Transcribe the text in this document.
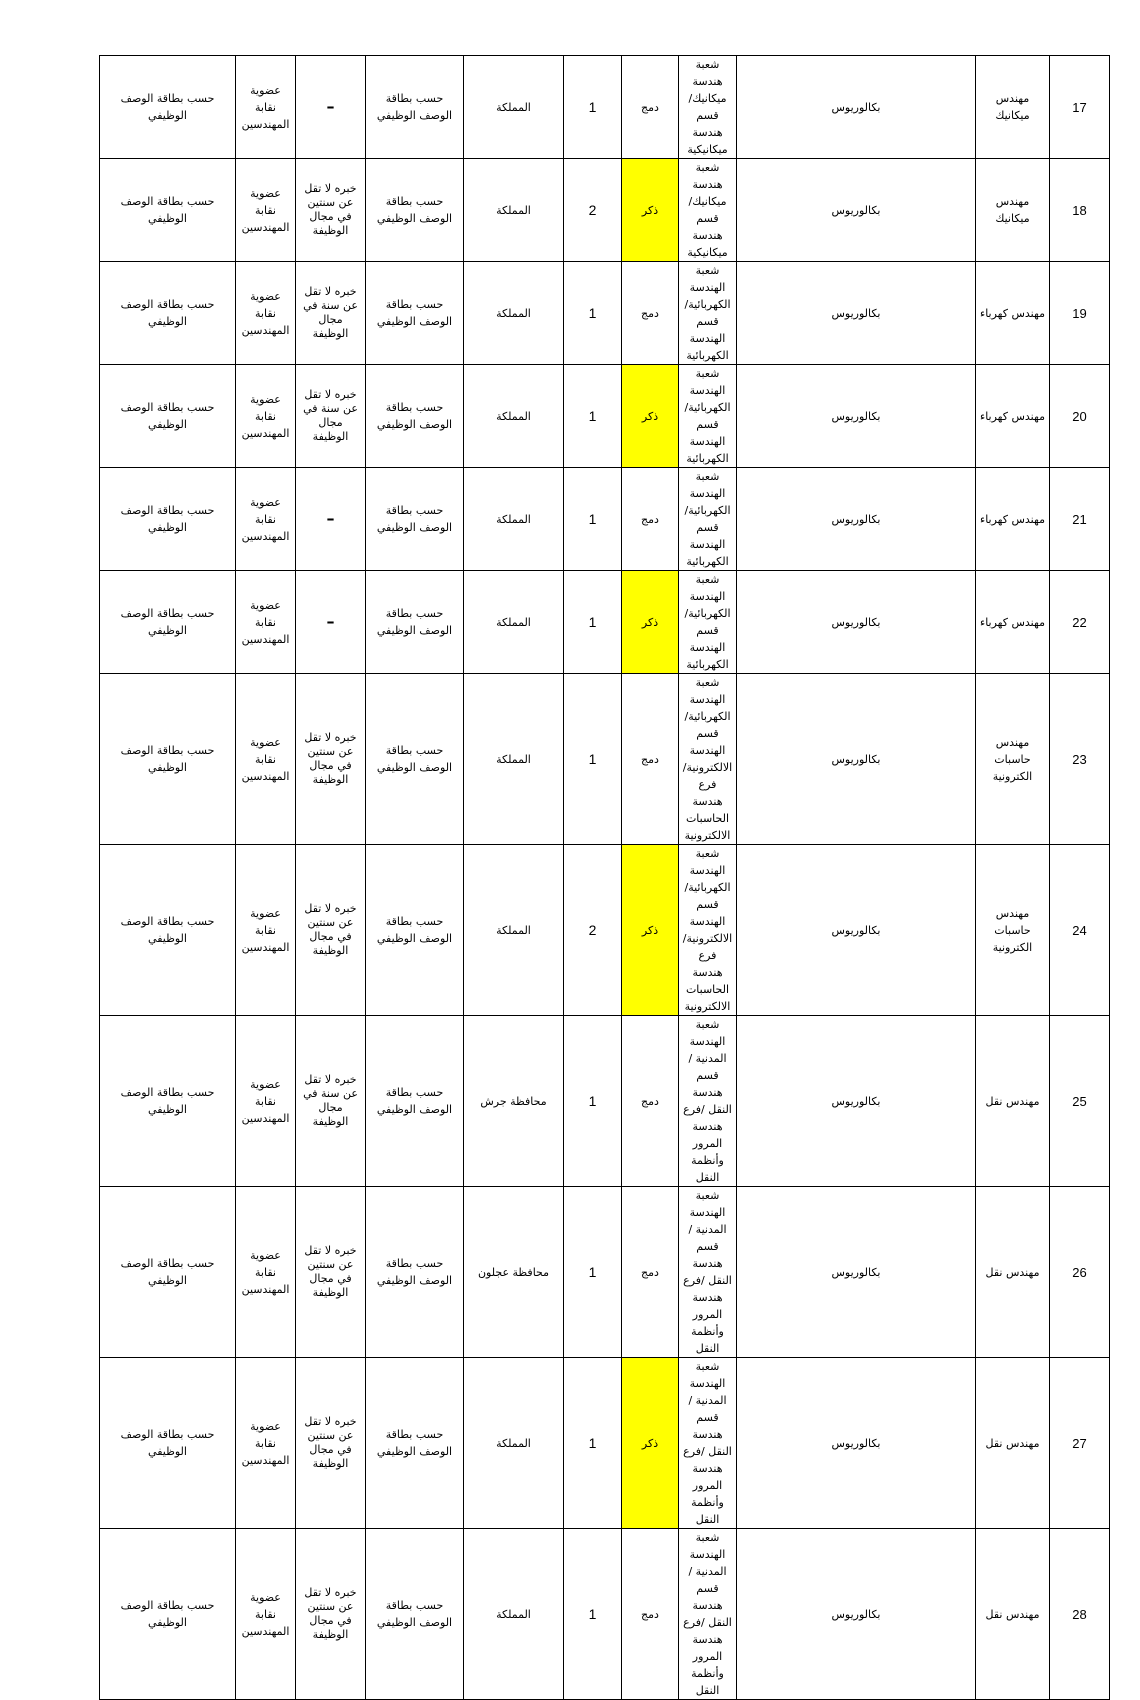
17	مهندس ميكانيك	بكالوريوس	شعبة هندسة ميكانيك/قسم هندسة ميكانيكية	دمج	1	المملكة	حسب بطاقة الوصف الوظيفي	–	عضوية نقابة المهندسين	حسب بطاقة الوصف الوظيفي	
18	مهندس ميكانيك	بكالوريوس	شعبة هندسة ميكانيك/قسم هندسة ميكانيكية	ذكر	2	المملكة	حسب بطاقة الوصف الوظيفي	خبره لا تقل عن سنتين في مجال الوظيفة	عضوية نقابة المهندسين	حسب بطاقة الوصف الوظيفي	
19	مهندس كهرباء	بكالوريوس	شعبة الهندسة الكهربائية/قسم الهندسة الكهربائية	دمج	1	المملكة	حسب بطاقة الوصف الوظيفي	خبره لا تقل عن سنة في مجال الوظيفة	عضوية نقابة المهندسين	حسب بطاقة الوصف الوظيفي	
20	مهندس كهرباء	بكالوريوس	شعبة الهندسة الكهربائية/قسم الهندسة الكهربائية	ذكر	1	المملكة	حسب بطاقة الوصف الوظيفي	خبره لا تقل عن سنة في مجال الوظيفة	عضوية نقابة المهندسين	حسب بطاقة الوصف الوظيفي	
21	مهندس كهرباء	بكالوريوس	شعبة الهندسة الكهربائية/قسم الهندسة الكهربائية	دمج	1	المملكة	حسب بطاقة الوصف الوظيفي	–	عضوية نقابة المهندسين	حسب بطاقة الوصف الوظيفي	
22	مهندس كهرباء	بكالوريوس	شعبة الهندسة الكهربائية/قسم الهندسة الكهربائية	ذكر	1	المملكة	حسب بطاقة الوصف الوظيفي	–	عضوية نقابة المهندسين	حسب بطاقة الوصف الوظيفي	
23	مهندس حاسبات الكترونية	بكالوريوس	شعبة الهندسة الكهربائية/قسم الهندسة الالكترونية/فرع هندسة الحاسبات الالكترونية	دمج	1	المملكة	حسب بطاقة الوصف الوظيفي	خبره لا تقل عن سنتين في مجال الوظيفة	عضوية نقابة المهندسين	حسب بطاقة الوصف الوظيفي	
24	مهندس حاسبات الكترونية	بكالوريوس	شعبة الهندسة الكهربائية/قسم الهندسة الالكترونية/فرع هندسة الحاسبات الالكترونية	ذكر	2	المملكة	حسب بطاقة الوصف الوظيفي	خبره لا تقل عن سنتين في مجال الوظيفة	عضوية نقابة المهندسين	حسب بطاقة الوصف الوظيفي	
25	مهندس نقل	بكالوريوس	شعبة الهندسة المدنية /قسم هندسة النقل /فرع هندسة المرور وأنظمة النقل	دمج	1	محافظة جرش	حسب بطاقة الوصف الوظيفي	خبره لا تقل عن سنة في مجال الوظيفة	عضوية نقابة المهندسين	حسب بطاقة الوصف الوظيفي	
26	مهندس نقل	بكالوريوس	شعبة الهندسة المدنية /قسم هندسة النقل /فرع هندسة المرور وأنظمة النقل	دمج	1	محافظة عجلون	حسب بطاقة الوصف الوظيفي	خبره لا تقل عن سنتين في مجال الوظيفة	عضوية نقابة المهندسين	حسب بطاقة الوصف الوظيفي	
27	مهندس نقل	بكالوريوس	شعبة الهندسة المدنية /قسم هندسة النقل /فرع هندسة المرور وأنظمة النقل	ذكر	1	المملكة	حسب بطاقة الوصف الوظيفي	خبره لا تقل عن سنتين في مجال الوظيفة	عضوية نقابة المهندسين	حسب بطاقة الوصف الوظيفي	
28	مهندس نقل	بكالوريوس	شعبة الهندسة المدنية /قسم هندسة النقل /فرع هندسة المرور وأنظمة النقل	دمج	1	المملكة	حسب بطاقة الوصف الوظيفي	خبره لا تقل عن سنتين في مجال الوظيفة	عضوية نقابة المهندسين	حسب بطاقة الوصف الوظيفي	
